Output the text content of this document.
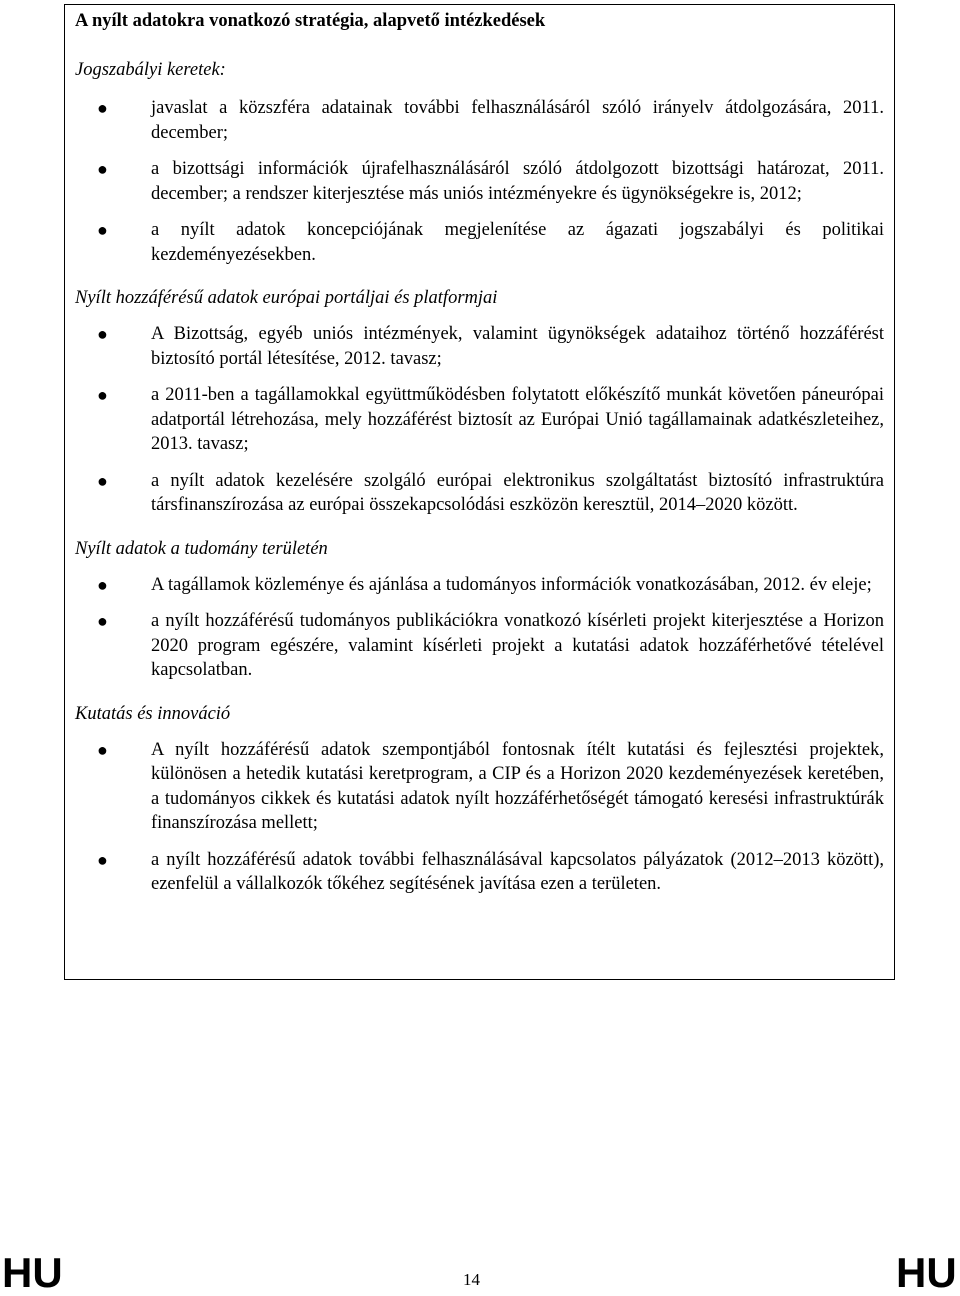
A nyílt adatokra vonatkozó stratégia, alapvető intézkedések
Jogszabályi keretek:
● javaslat a közszféra adatainak további felhasználásáról szóló irányelv átdolgozására, 2011. december;
● a bizottsági információk újrafelhasználásáról szóló átdolgozott bizottsági határozat, 2011. december; a rendszer kiterjesztése más uniós intézményekre és ügynökségekre is, 2012;
● a nyílt adatok koncepciójának megjelenítése az ágazati jogszabályi és politikai kezdeményezésekben.
Nyílt hozzáférésű adatok európai portáljai és platformjai
● A Bizottság, egyéb uniós intézmények, valamint ügynökségek adataihoz történő hozzáférést biztosító portál létesítése, 2012. tavasz;
● a 2011-ben a tagállamokkal együttműködésben folytatott előkészítő munkát követően páneurópai adatportál létrehozása, mely hozzáférést biztosít az Európai Unió tagállamainak adatkészleteihez, 2013. tavasz;
● a nyílt adatok kezelésére szolgáló európai elektronikus szolgáltatást biztosító infrastruktúra társfinanszírozása az európai összekapcsolódási eszközön keresztül, 2014–2020 között.
Nyílt adatok a tudomány területén
● A tagállamok közleménye és ajánlása a tudományos információk vonatkozásában, 2012. év eleje;
● a nyílt hozzáférésű tudományos publikációkra vonatkozó kísérleti projekt kiterjesztése a Horizon 2020 program egészére, valamint kísérleti projekt a kutatási adatok hozzáférhetővé tételével kapcsolatban.
Kutatás és innováció
● A nyílt hozzáférésű adatok szempontjából fontosnak ítélt kutatási és fejlesztési projektek, különösen a hetedik kutatási keretprogram, a CIP és a Horizon 2020 kezdeményezések keretében, a tudományos cikkek és kutatási adatok nyílt hozzáférhetőségét támogató keresési infrastruktúrák finanszírozása mellett;
● a nyílt hozzáférésű adatok további felhasználásával kapcsolatos pályázatok (2012–2013 között), ezenfelül a vállalkozók tőkéhez segítésének javítása ezen a területen.
HU	14	HU
